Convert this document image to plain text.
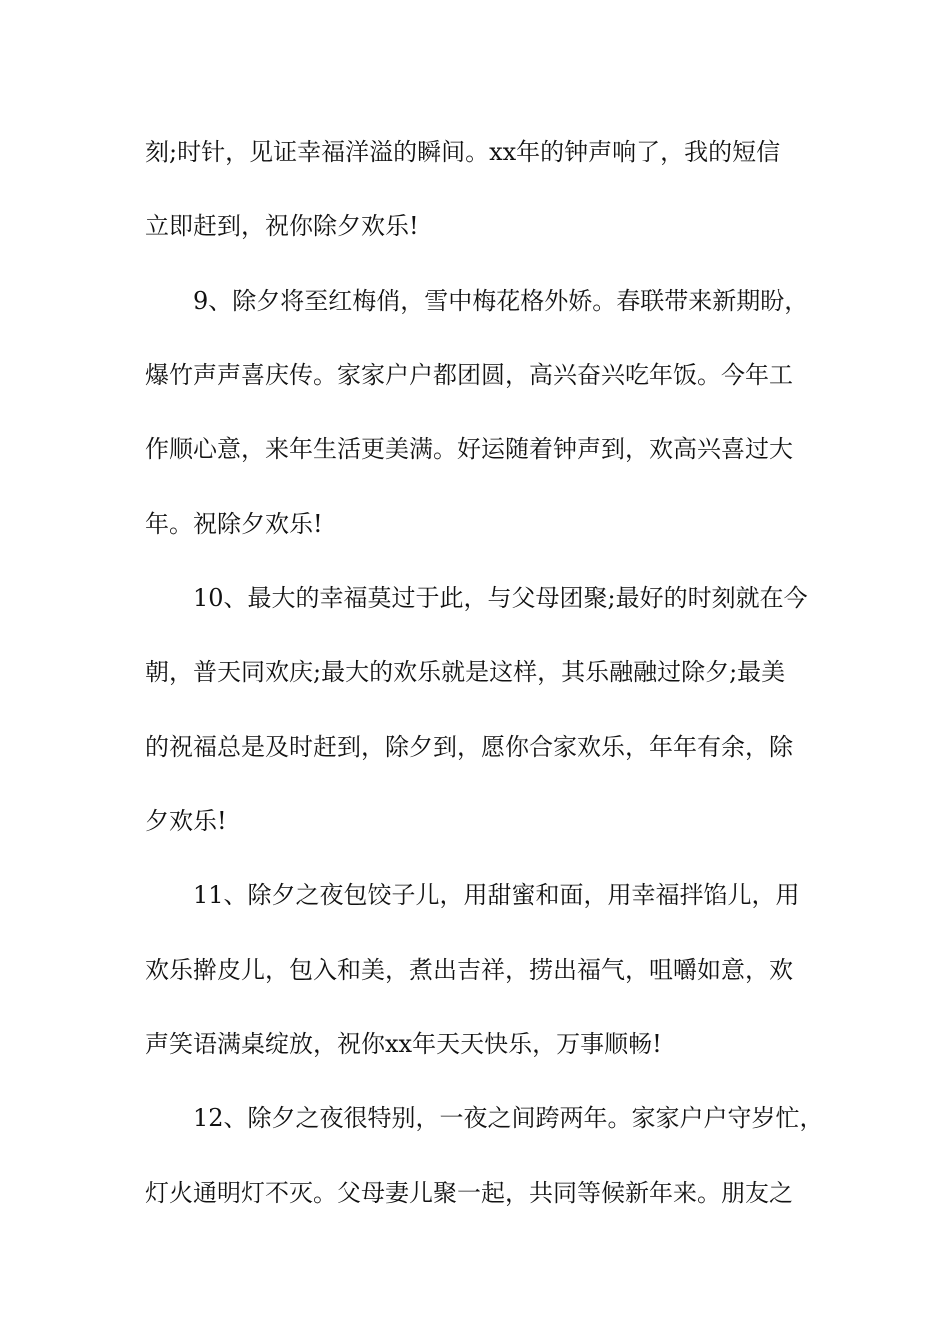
刻;时针，见证幸福洋溢的瞬间。xx年的钟声响了，我的短信
立即赶到，祝你除夕欢乐!
9、除夕将至红梅俏，雪中梅花格外娇。春联带来新期盼，
爆竹声声喜庆传。家家户户都团圆，高兴奋兴吃年饭。今年工
作顺心意，来年生活更美满。好运随着钟声到，欢高兴喜过大
年。祝除夕欢乐!
10、最大的幸福莫过于此，与父母团聚;最好的时刻就在今
朝，普天同欢庆;最大的欢乐就是这样，其乐融融过除夕;最美
的祝福总是及时赶到，除夕到，愿你合家欢乐，年年有余，除
夕欢乐!
11、除夕之夜包饺子儿，用甜蜜和面，用幸福拌馅儿，用
欢乐擀皮儿，包入和美，煮出吉祥，捞出福气，咀嚼如意，欢
声笑语满桌绽放，祝你xx年天天快乐，万事顺畅!
12、除夕之夜很特别，一夜之间跨两年。家家户户守岁忙，
灯火通明灯不灭。父母妻儿聚一起，共同等候新年来。朋友之
